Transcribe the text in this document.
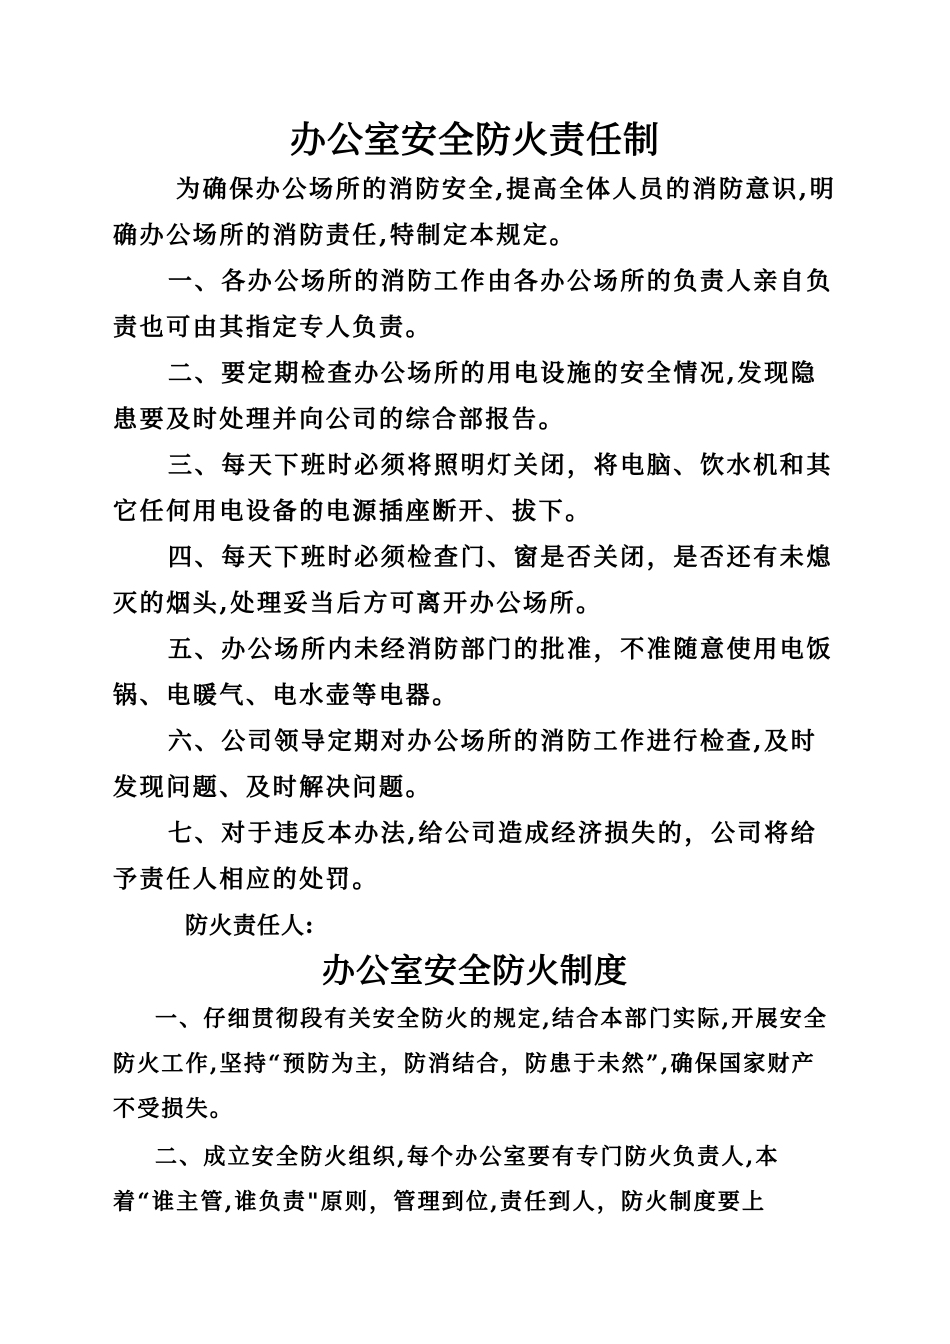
办公室安全防火责任制

为确保办公场所的消防安全,提高全体人员的消防意识,明确办公场所的消防责任,特制定本规定。

一、各办公场所的消防工作由各办公场所的负责人亲自负责也可由其指定专人负责。

二、要定期检查办公场所的用电设施的安全情况,发现隐患要及时处理并向公司的综合部报告。

三、每天下班时必须将照明灯关闭，将电脑、饮水机和其它任何用电设备的电源插座断开、拔下。

四、每天下班时必须检查门、窗是否关闭，是否还有未熄灭的烟头,处理妥当后方可离开办公场所。

五、办公场所内未经消防部门的批准，不准随意使用电饭锅、电暖气、电水壶等电器。

六、公司领导定期对办公场所的消防工作进行检查,及时发现问题、及时解决问题。

七、对于违反本办法,给公司造成经济损失的，公司将给予责任人相应的处罚。

防火责任人:
办公室安全防火制度

一、仔细贯彻段有关安全防火的规定,结合本部门实际,开展安全防火工作,坚持“预防为主，防消结合，防患于未然”,确保国家财产不受损失。

二、成立安全防火组织,每个办公室要有专门防火负责人,本着“谁主管,谁负责"原则，管理到位,责任到人，防火制度要上
